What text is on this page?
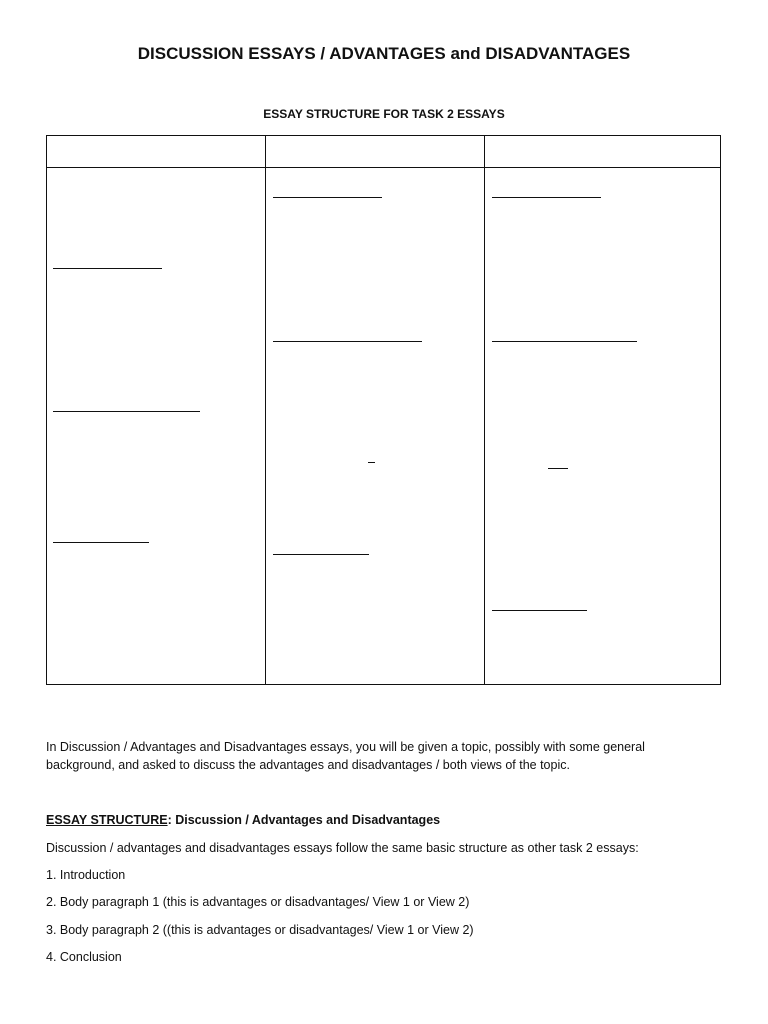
DISCUSSION ESSAYS / ADVANTAGES and DISADVANTAGES
ESSAY STRUCTURE FOR TASK 2 ESSAYS

In Discussion / Advantages and Disadvantages essays, you will be given a topic, possibly with some general background, and asked to discuss the advantages and disadvantages / both views of the topic.

ESSAY STRUCTURE: Discussion / Advantages and Disadvantages

Discussion / advantages and disadvantages essays follow the same basic structure as other task 2 essays:

1. Introduction

2. Body paragraph 1 (this is advantages or disadvantages/ View 1 or View 2)

3. Body paragraph 2 ((this is advantages or disadvantages/ View 1 or View 2)

4. Conclusion
